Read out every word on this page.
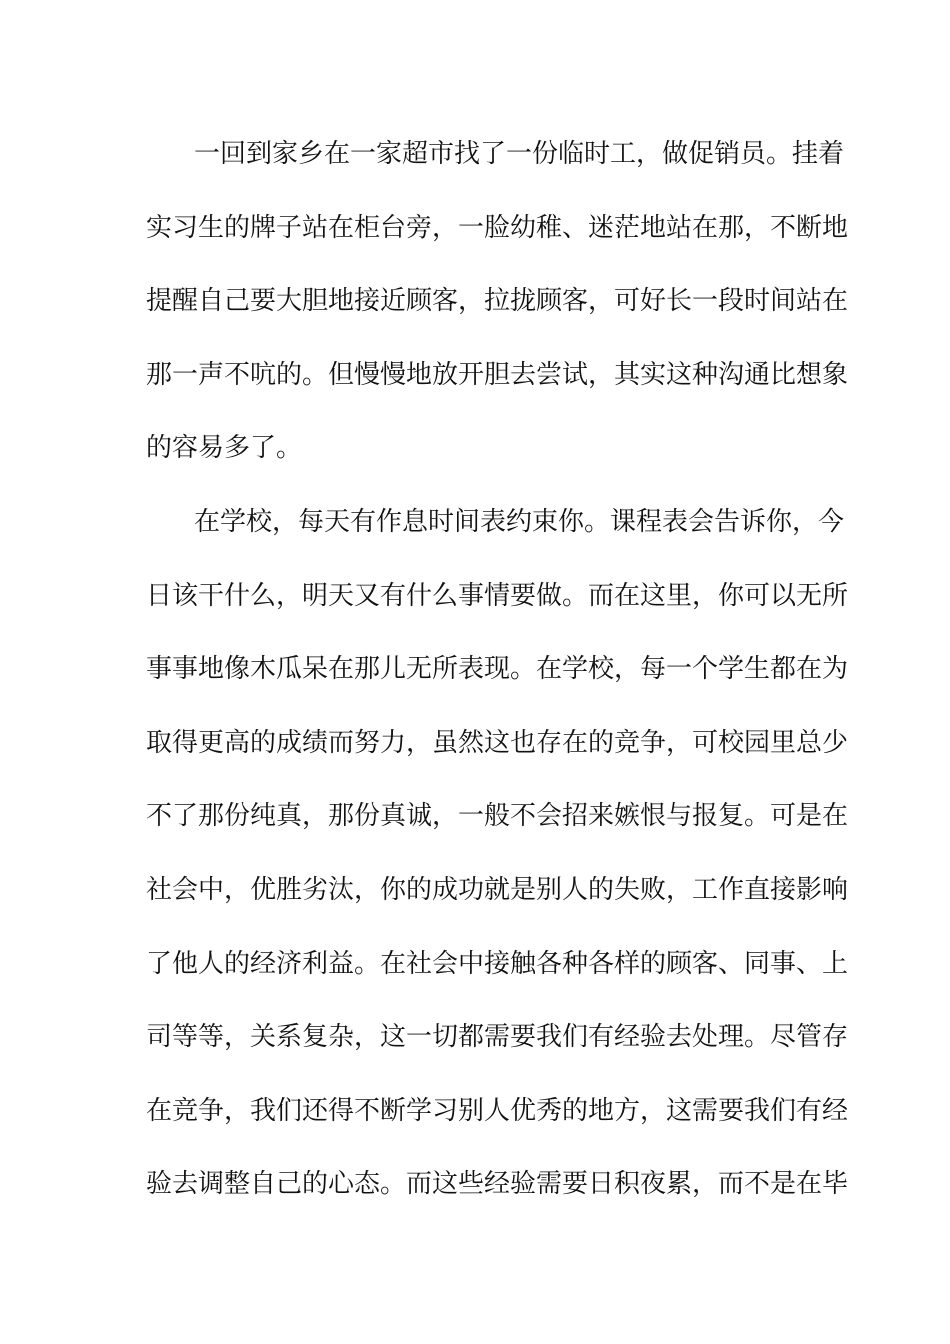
一回到家乡在一家超市找了一份临时工，做促销员。挂着
实习生的牌子站在柜台旁，一脸幼稚、迷茫地站在那，不断地
提醒自己要大胆地接近顾客，拉拢顾客，可好长一段时间站在
那一声不吭的。但慢慢地放开胆去尝试，其实这种沟通比想象
的容易多了。
在学校，每天有作息时间表约束你。课程表会告诉你，今
日该干什么，明天又有什么事情要做。而在这里，你可以无所
事事地像木瓜呆在那儿无所表现。在学校，每一个学生都在为
取得更高的成绩而努力，虽然这也存在的竞争，可校园里总少
不了那份纯真，那份真诚，一般不会招来嫉恨与报复。可是在
社会中，优胜劣汰，你的成功就是别人的失败，工作直接影响
了他人的经济利益。在社会中接触各种各样的顾客、同事、上
司等等，关系复杂，这一切都需要我们有经验去处理。尽管存
在竞争，我们还得不断学习别人优秀的地方，这需要我们有经
验去调整自己的心态。而这些经验需要日积夜累，而不是在毕
